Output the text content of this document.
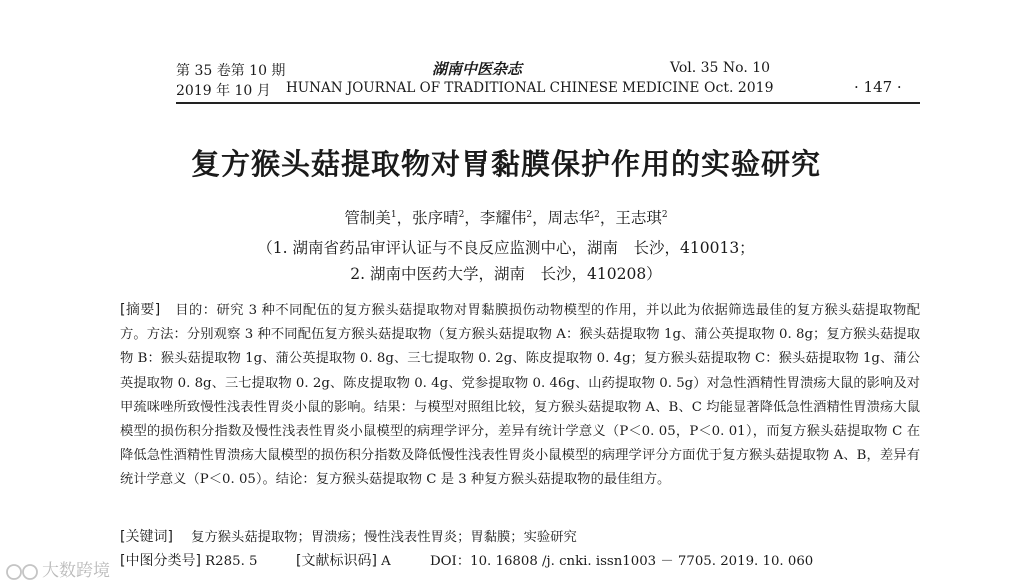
第 35 卷第 10 期	湖南中医杂志	Vol. 35 No. 10
2019 年 10 月 HUNAN JOURNAL OF TRADITIONAL CHINESE MEDICINE Oct. 2019	· 147 ·
复方猴头菇提取物对胃黏膜保护作用的实验研究
管制美$^1$，张序晴$^2$，李耀伟$^2$，周志华$^2$，王志琪$^2$
（1. 湖南省药品审评认证与不良反应监测中心，湖南　长沙，410013；
2. 湖南中医药大学，湖南　长沙，410208）
[摘要] 目的：研究 3 种不同配伍的复方猴头菇提取物对胃黏膜损伤动物模型的作用，并以此为依据筛选最佳的复方猴头菇提取物配方。方法：分别观察 3 种不同配伍复方猴头菇提取物（复方猴头菇提取物 A：猴头菇提取物 1g、蒲公英提取物 0. 8g；复方猴头菇提取物 B：猴头菇提取物 1g、蒲公英提取物 0. 8g、三七提取物 0. 2g、陈皮提取物 0. 4g；复方猴头菇提取物 C：猴头菇提取物 1g、蒲公英提取物 0. 8g、三七提取物 0. 2g、陈皮提取物 0. 4g、党参提取物 0. 46g、山药提取物 0. 5g）对急性酒精性胃溃疡大鼠的影响及对甲巯咪唑所致慢性浅表性胃炎小鼠的影响。结果：与模型对照组比较，复方猴头菇提取物 A、B、C 均能显著降低急性酒精性胃溃疡大鼠模型的损伤积分指数及慢性浅表性胃炎小鼠模型的病理学评分，差异有统计学意义（P＜0. 05，P＜0. 01），而复方猴头菇提取物 C 在降低急性酒精性胃溃疡大鼠模型的损伤积分指数及降低慢性浅表性胃炎小鼠模型的病理学评分方面优于复方猴头菇提取物 A、B，差异有统计学意义（P＜0. 05）。结论：复方猴头菇提取物 C 是 3 种复方猴头菇提取物的最佳组方。
[关键词] 复方猴头菇提取物；胃溃疡；慢性浅表性胃炎；胃黏膜；实验研究
[中图分类号] R285. 5	[文献标识码] A	DOI：10. 16808 /j. cnki. issn1003 － 7705. 2019. 10. 060
大数跨境
